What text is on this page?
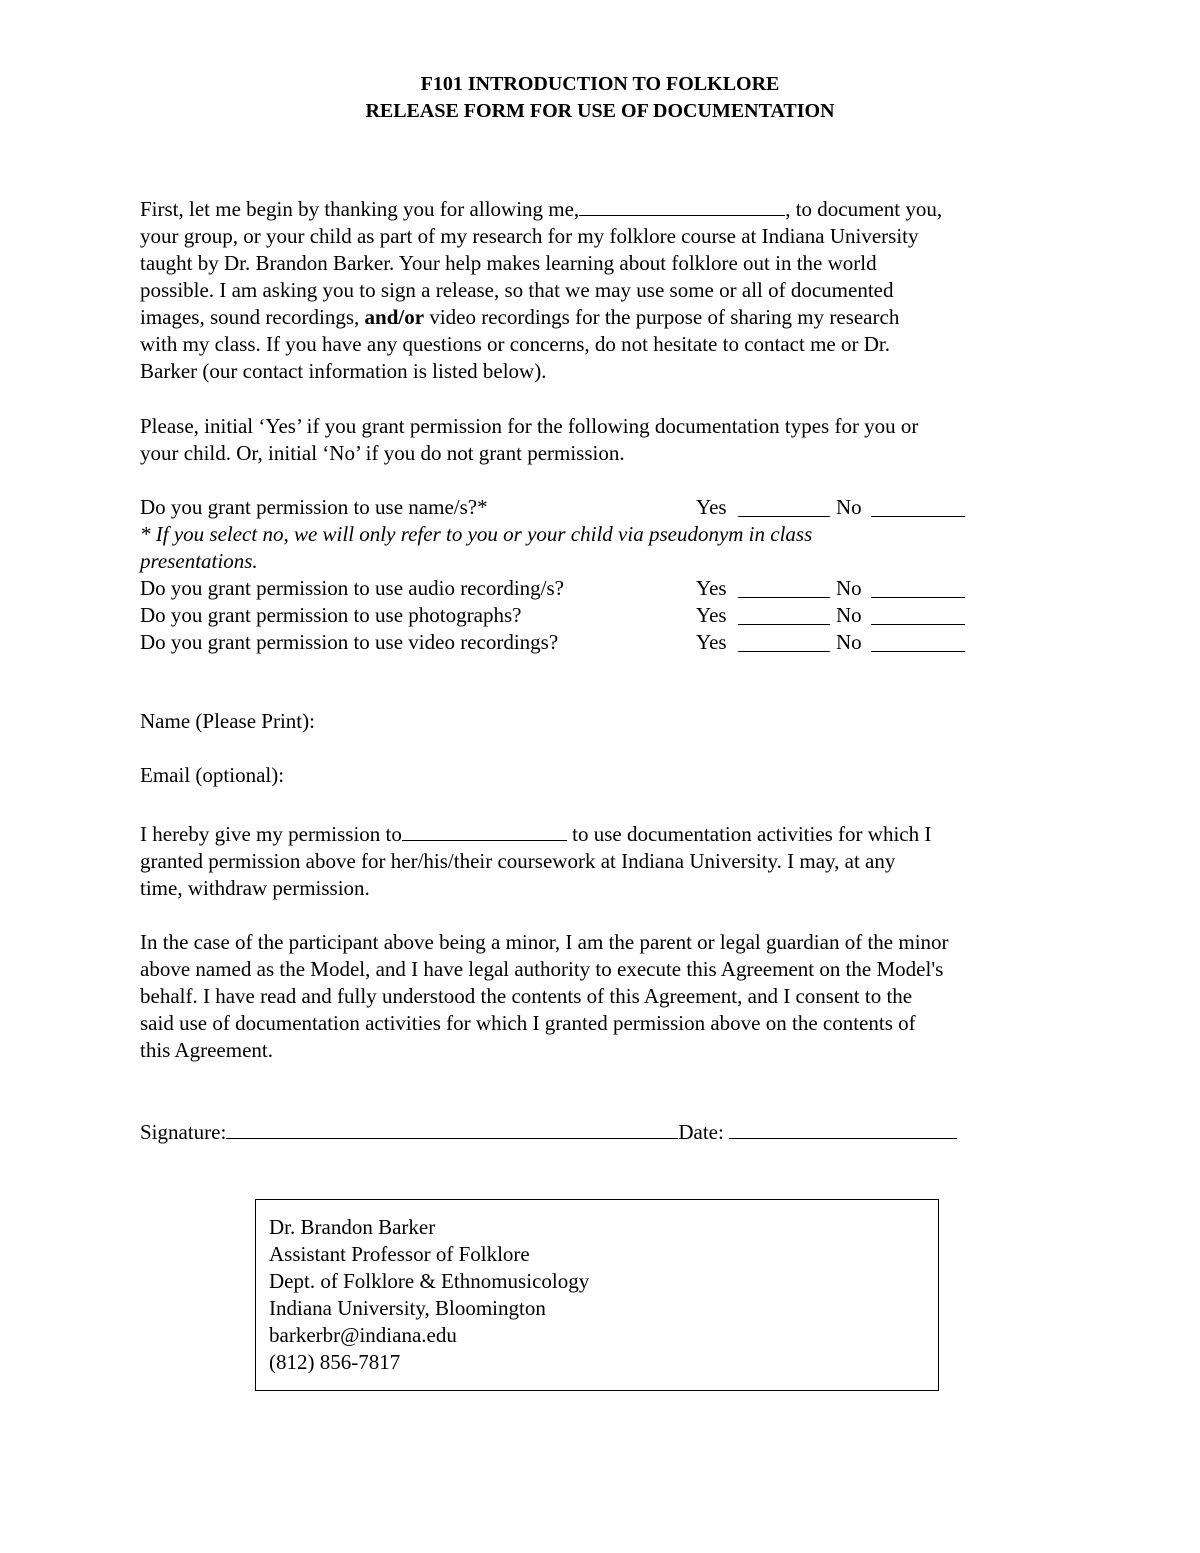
F101 INTRODUCTION TO FOLKLORE
RELEASE FORM FOR USE OF DOCUMENTATION
First, let me begin by thanking you for allowing me,	, to document you,
your group, or your child as part of my research for my folklore course at Indiana University
taught by Dr. Brandon Barker. Your help makes learning about folklore out in the world
possible. I am asking you to sign a release, so that we may use some or all of documented
images, sound recordings, and/or video recordings for the purpose of sharing my research
with my class. If you have any questions or concerns, do not hesitate to contact me or Dr.
Barker (our contact information is listed below).
Please, initial ‘Yes’ if you grant permission for the following documentation types for you or
your child. Or, initial ‘No’ if you do not grant permission.
Do you grant permission to use name/s?*	Yes	No
* If you select no, we will only refer to you or your child via pseudonym in class
presentations.
Do you grant permission to use audio recording/s?	Yes	No
Do you grant permission to use photographs?	Yes	No
Do you grant permission to use video recordings?	Yes	No
Name (Please Print):
Email (optional):
I hereby give my permission to	to use documentation activities for which I
granted permission above for her/his/their coursework at Indiana University. I may, at any
time, withdraw permission.
In the case of the participant above being a minor, I am the parent or legal guardian of the minor
above named as the Model, and I have legal authority to execute this Agreement on the Model's
behalf. I have read and fully understood the contents of this Agreement, and I consent to the
said use of documentation activities for which I granted permission above on the contents of
this Agreement.
Signature:	Date:
Dr. Brandon Barker
Assistant Professor of Folklore
Dept. of Folklore & Ethnomusicology
Indiana University, Bloomington
barkerbr@indiana.edu
(812) 856-7817
